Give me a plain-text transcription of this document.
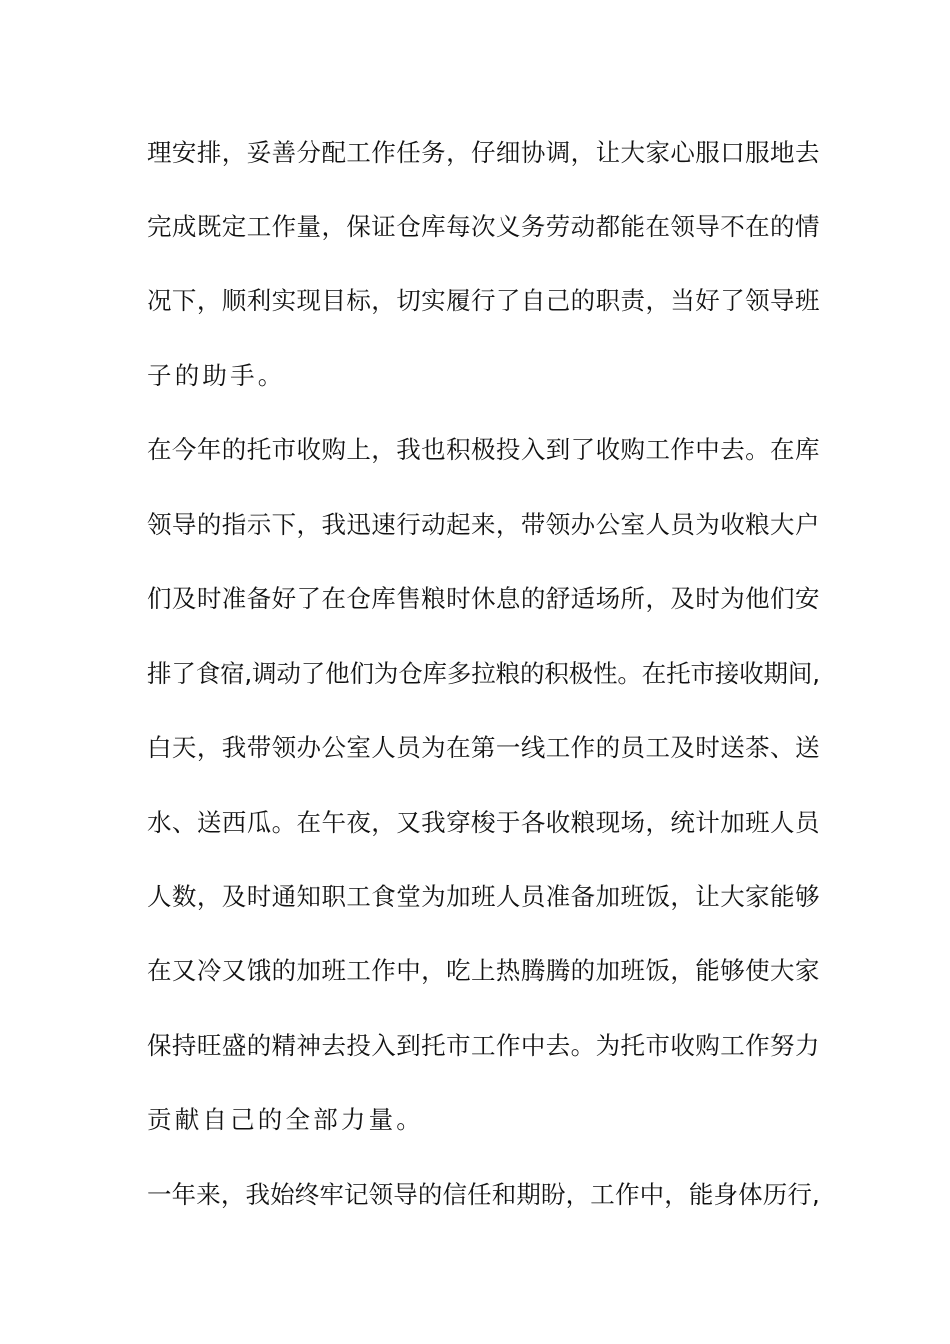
理安排，妥善分配工作任务，仔细协调，让大家心服口服地去
完成既定工作量，保证仓库每次义务劳动都能在领导不在的情
况下，顺利实现目标，切实履行了自己的职责，当好了领导班
子的助手。
在今年的托市收购上，我也积极投入到了收购工作中去。在库
领导的指示下，我迅速行动起来，带领办公室人员为收粮大户
们及时准备好了在仓库售粮时休息的舒适场所，及时为他们安
排了食宿,调动了他们为仓库多拉粮的积极性。在托市接收期间,
白天，我带领办公室人员为在第一线工作的员工及时送茶、送
水、送西瓜。在午夜，又我穿梭于各收粮现场，统计加班人员
人数，及时通知职工食堂为加班人员准备加班饭，让大家能够
在又冷又饿的加班工作中，吃上热腾腾的加班饭，能够使大家
保持旺盛的精神去投入到托市工作中去。为托市收购工作努力
贡献自己的全部力量。
一年来，我始终牢记领导的信任和期盼，工作中，能身体历行,
